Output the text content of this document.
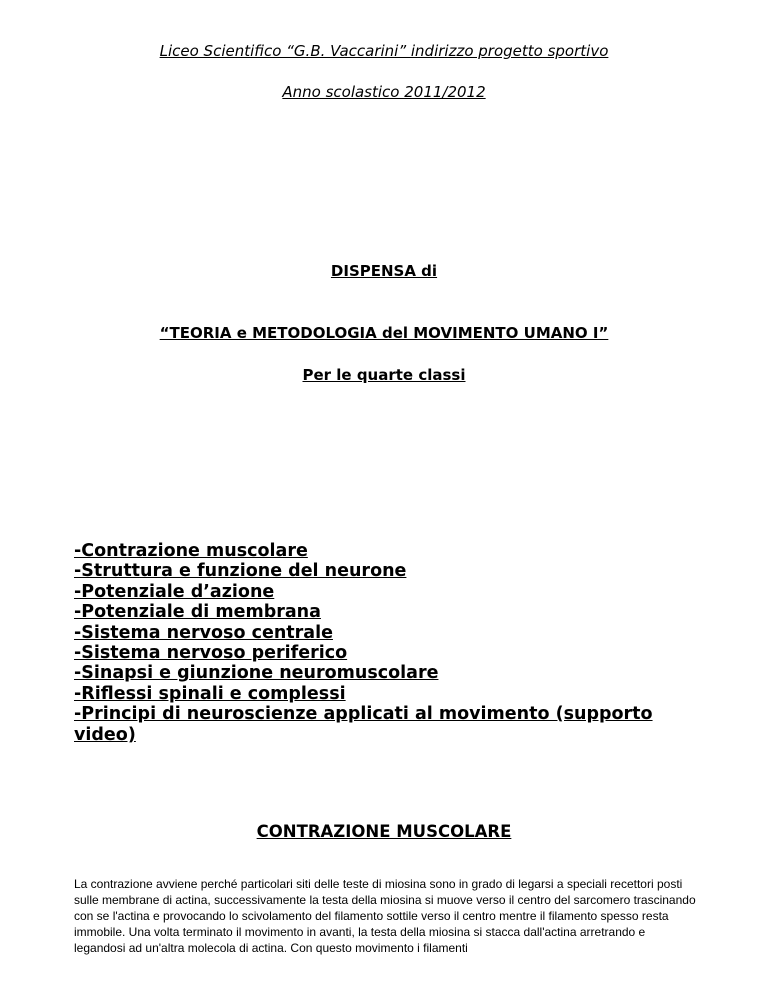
Liceo Scientifico “G.B. Vaccarini” indirizzo progetto sportivo
Anno scolastico 2011/2012
DISPENSA di
“TEORIA e METODOLOGIA del MOVIMENTO UMANO I”
Per le quarte classi
-Contrazione muscolare
-Struttura e funzione del neurone
-Potenziale d’azione
-Potenziale di membrana
-Sistema nervoso centrale
-Sistema nervoso periferico
-Sinapsi e giunzione neuromuscolare
-Riflessi spinali e complessi
-Principi di neuroscienze applicati al movimento (supporto video)
CONTRAZIONE MUSCOLARE

La contrazione avviene perché particolari siti delle teste di miosina sono in grado di legarsi a speciali recettori posti sulle membrane di actina, successivamente la testa della miosina si muove verso il centro del sarcomero trascinando con se l'actina e provocando lo scivolamento del filamento sottile verso il centro mentre il filamento spesso resta immobile. Una volta terminato il movimento in avanti, la testa della miosina si stacca dall'actina arretrando e legandosi ad un'altra molecola di actina. Con questo movimento i filamenti
